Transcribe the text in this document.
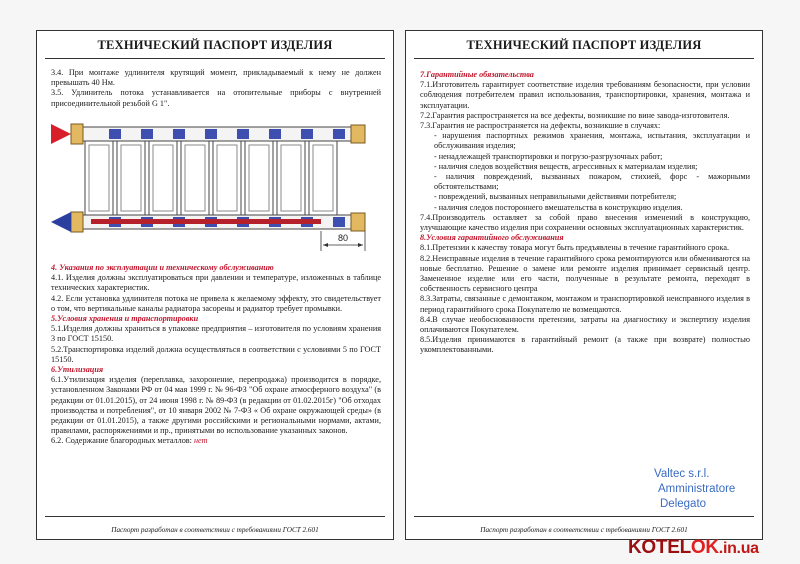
ТЕХНИЧЕСКИЙ ПАСПОРТ ИЗДЕЛИЯ

3.4. При монтаже удлинителя крутящий момент, прикладываемый к нему не должен превышать 40 Нм.

3.5. Удлинитель потока устанавливается на отопительные приборы с внутренней присоединительной резьбой G 1".

80

4. Указания по эксплуатации и техническому обслуживанию

4.1. Изделия должны эксплуатироваться при давлении и температуре, изложенных в таблице технических характеристик.

4.2. Если установка удлинителя потока не привела к желаемому эффекту, это свидетельствует о том, что вертикальные каналы радиатора засорены и радиатор требует промывки.

5.Условия хранения и транспортировки

5.1.Изделия должны храниться в упаковке предприятия – изготовителя по условиям хранения 3 по ГОСТ 15150.

5.2.Транспортировка изделий должна осуществляться в соответствии с условиями 5 по ГОСТ 15150.

6.Утилизация

6.1.Утилизация изделия (переплавка, захоронение, перепродажа) производится в порядке, установленном Законами РФ от 04 мая 1999 г. № 96-ФЗ "Об охране атмосферного воздуха" (в редакции от 01.01.2015), от 24 июня 1998 г. № 89-ФЗ (в редакции от 01.02.2015г) "Об отходах производства и потребления", от 10 января 2002 № 7-ФЗ « Об охране окружающей среды» (в редакции от 01.01.2015), а также другими российскими и региональными нормами, актами, правилами, распоряжениями и пр., принятыми во использование указанных законов.

6.2. Содержание благородных металлов: нет

Паспорт разработан в соответствии с требованиями ГОСТ 2.601
ТЕХНИЧЕСКИЙ ПАСПОРТ ИЗДЕЛИЯ

7.Гарантийные обязательства

7.1.Изготовитель гарантирует соответствие изделия требованиям безопасности, при условии соблюдения потребителем правил использования, транспортировки, хранения, монтажа и эксплуатации.

7.2.Гарантия распространяется на все дефекты, возникшие по вине завода-изготовителя.

7.3.Гарантия не распространяется на дефекты, возникшие в случаях:

- нарушения паспортных режимов хранения, монтажа, испытания, эксплуатации и обслуживания изделия;

- ненадлежащей транспортировки и погрузо-разгрузочных работ;

- наличия следов воздействия веществ, агрессивных к материалам изделия;

- наличия повреждений, вызванных пожаром, стихией, форс - мажорными обстоятельствами;

- повреждений, вызванных неправильными действиями потребителя;

- наличия следов постороннего вмешательства в конструкцию изделия.

7.4.Производитель оставляет за собой право внесения изменений в конструкцию, улучшающие качество изделия при сохранении основных эксплуатационных характеристик.

8.Условия гарантийного обслуживания

8.1.Претензии к качеству товара могут быть предъявлены в течение гарантийного срока.

8.2.Неисправные изделия в течение гарантийного срока ремонтируются или обмениваются на новые бесплатно. Решение о замене или ремонте изделия принимает сервисный центр. Замененное изделие или его части, полученные в результате ремонта, переходят в собственность сервисного центра

8.3.Затраты, связанные с демонтажом, монтажом и транспортировкой неисправного изделия в период гарантийного срока Покупателю не возмещаются.

8.4.В случае необоснованности претензии, затраты на диагностику и экспертизу изделия оплачиваются Покупателем.

8.5.Изделия принимаются в гарантийный ремонт (а также при возврате) полностью укомплектованными.

Паспорт разработан в соответствии с требованиями ГОСТ 2.601
Valtec s.r.l.
Amministratore
Delegato
KOTELOK.in.ua
